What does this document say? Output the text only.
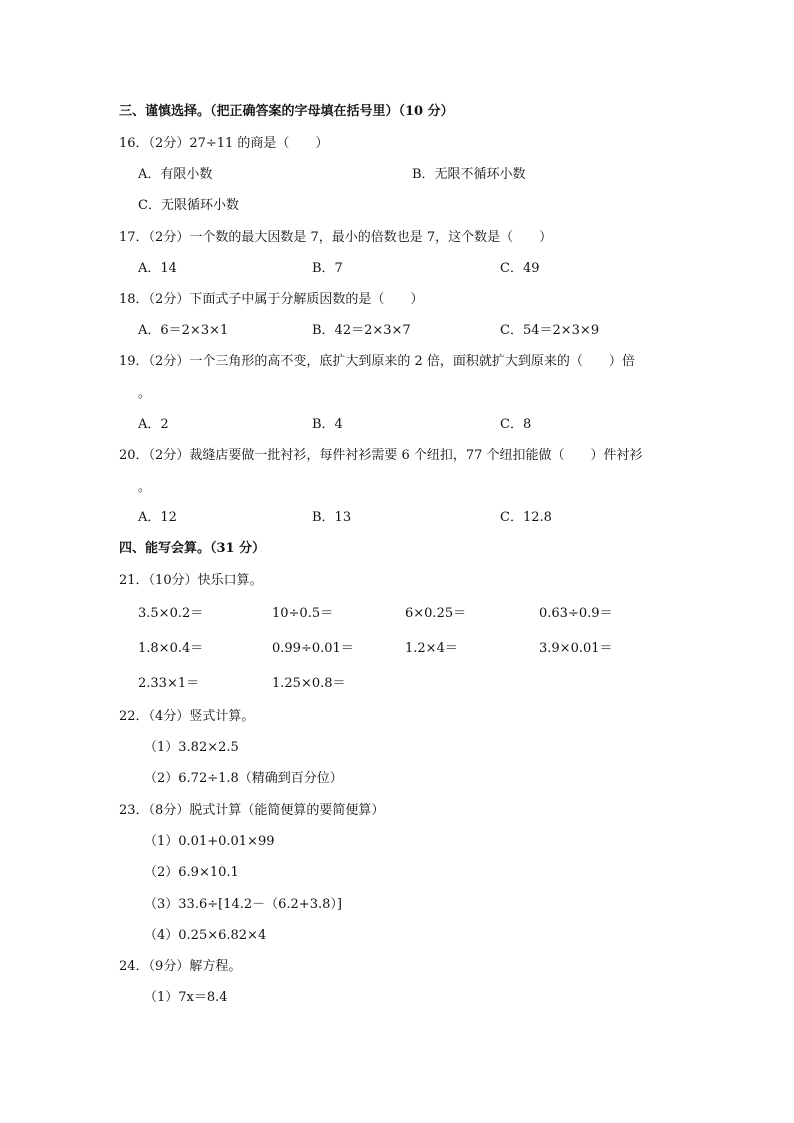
三、谨慎选择。（把正确答案的字母填在括号里）（10 分）
16．（2分）27÷11 的商是（　　）
A．有限小数	B．无限不循环小数
C．无限循环小数
17．（2分）一个数的最大因数是 7，最小的倍数也是 7，这个数是（　　）
A．14	B．7	C．49
18．（2分）下面式子中属于分解质因数的是（　　）
A．6＝2×3×1	B．42＝2×3×7	C．54＝2×3×9
19．（2分）一个三角形的高不变，底扩大到原来的 2 倍，面积就扩大到原来的（　　）倍
。
A．2	B．4	C．8
20．（2分）裁缝店要做一批衬衫，每件衬衫需要 6 个纽扣，77 个纽扣能做（　　）件衬衫
。
A．12	B．13	C．12.8
四、能写会算。（31 分）
21．（10分）快乐口算。
3.5×0.2＝	10÷0.5＝	6×0.25＝	0.63÷0.9＝
1.8×0.4＝	0.99÷0.01＝	1.2×4＝	3.9×0.01＝
2.33×1＝	1.25×0.8＝
22．（4分）竖式计算。
（1）3.82×2.5
（2）6.72÷1.8（精确到百分位）
23．（8分）脱式计算（能简便算的要简便算）
（1）0.01+0.01×99
（2）6.9×10.1
（3）33.6÷[14.2－（6.2+3.8）]
（4）0.25×6.82×4
24．（9分）解方程。
（1）7x＝8.4
